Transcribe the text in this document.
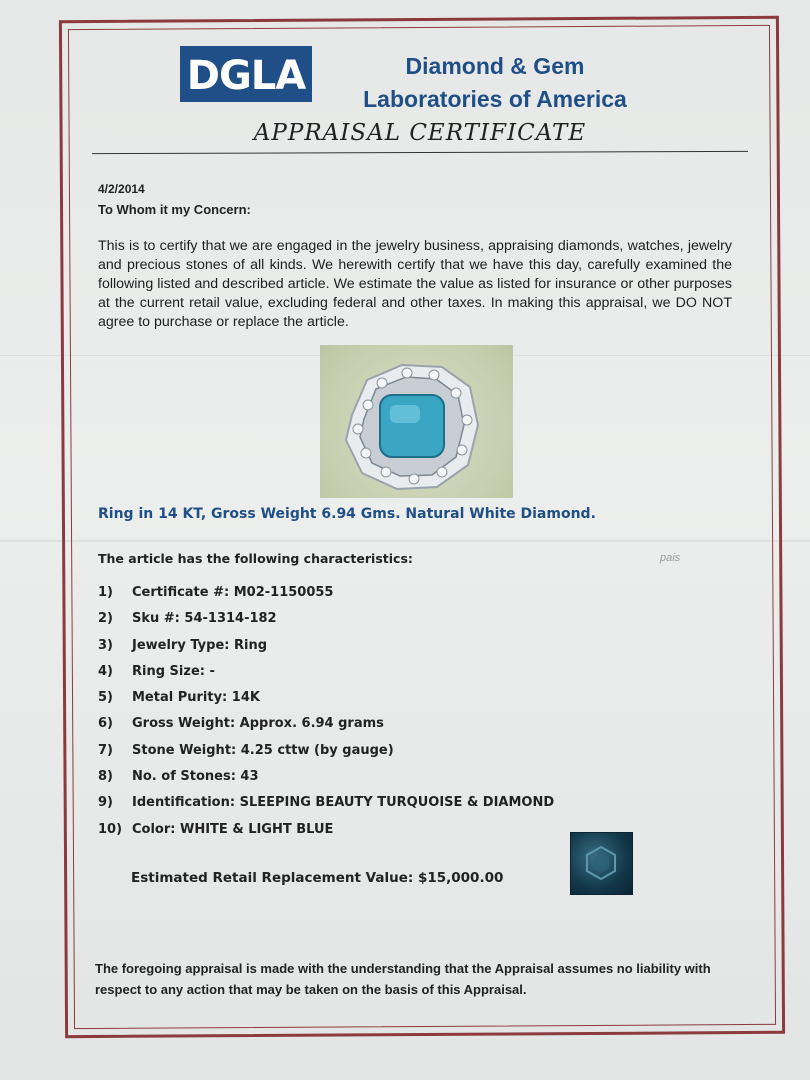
DGLA	Diamond & Gem
Laboratories of America
APPRAISAL CERTIFICATE
4/2/2014
To Whom it my Concern:
This is to certify that we are engaged in the jewelry business, appraising diamonds, watches, jewelry and precious stones of all kinds. We herewith certify that we have this day, carefully examined the following listed and described article. We estimate the value as listed for insurance or other purposes at the current retail value, excluding federal and other taxes. In making this appraisal, we DO NOT agree to purchase or replace the article.
Ring in 14 KT, Gross Weight 6.94 Gms. Natural White Diamond.
The article has the following characteristics:	pais
1) Certificate #: M02-1150055
2) Sku #: 54-1314-182
3) Jewelry Type: Ring
4) Ring Size: -
5) Metal Purity: 14K
6) Gross Weight: Approx. 6.94 grams
7) Stone Weight: 4.25 cttw (by gauge)
8) No. of Stones: 43
9) Identification: SLEEPING BEAUTY TURQUOISE & DIAMOND
10) Color: WHITE & LIGHT BLUE
Estimated Retail Replacement Value: $15,000.00
The foregoing appraisal is made with the understanding that the Appraisal assumes no liability with respect to any action that may be taken on the basis of this Appraisal.
